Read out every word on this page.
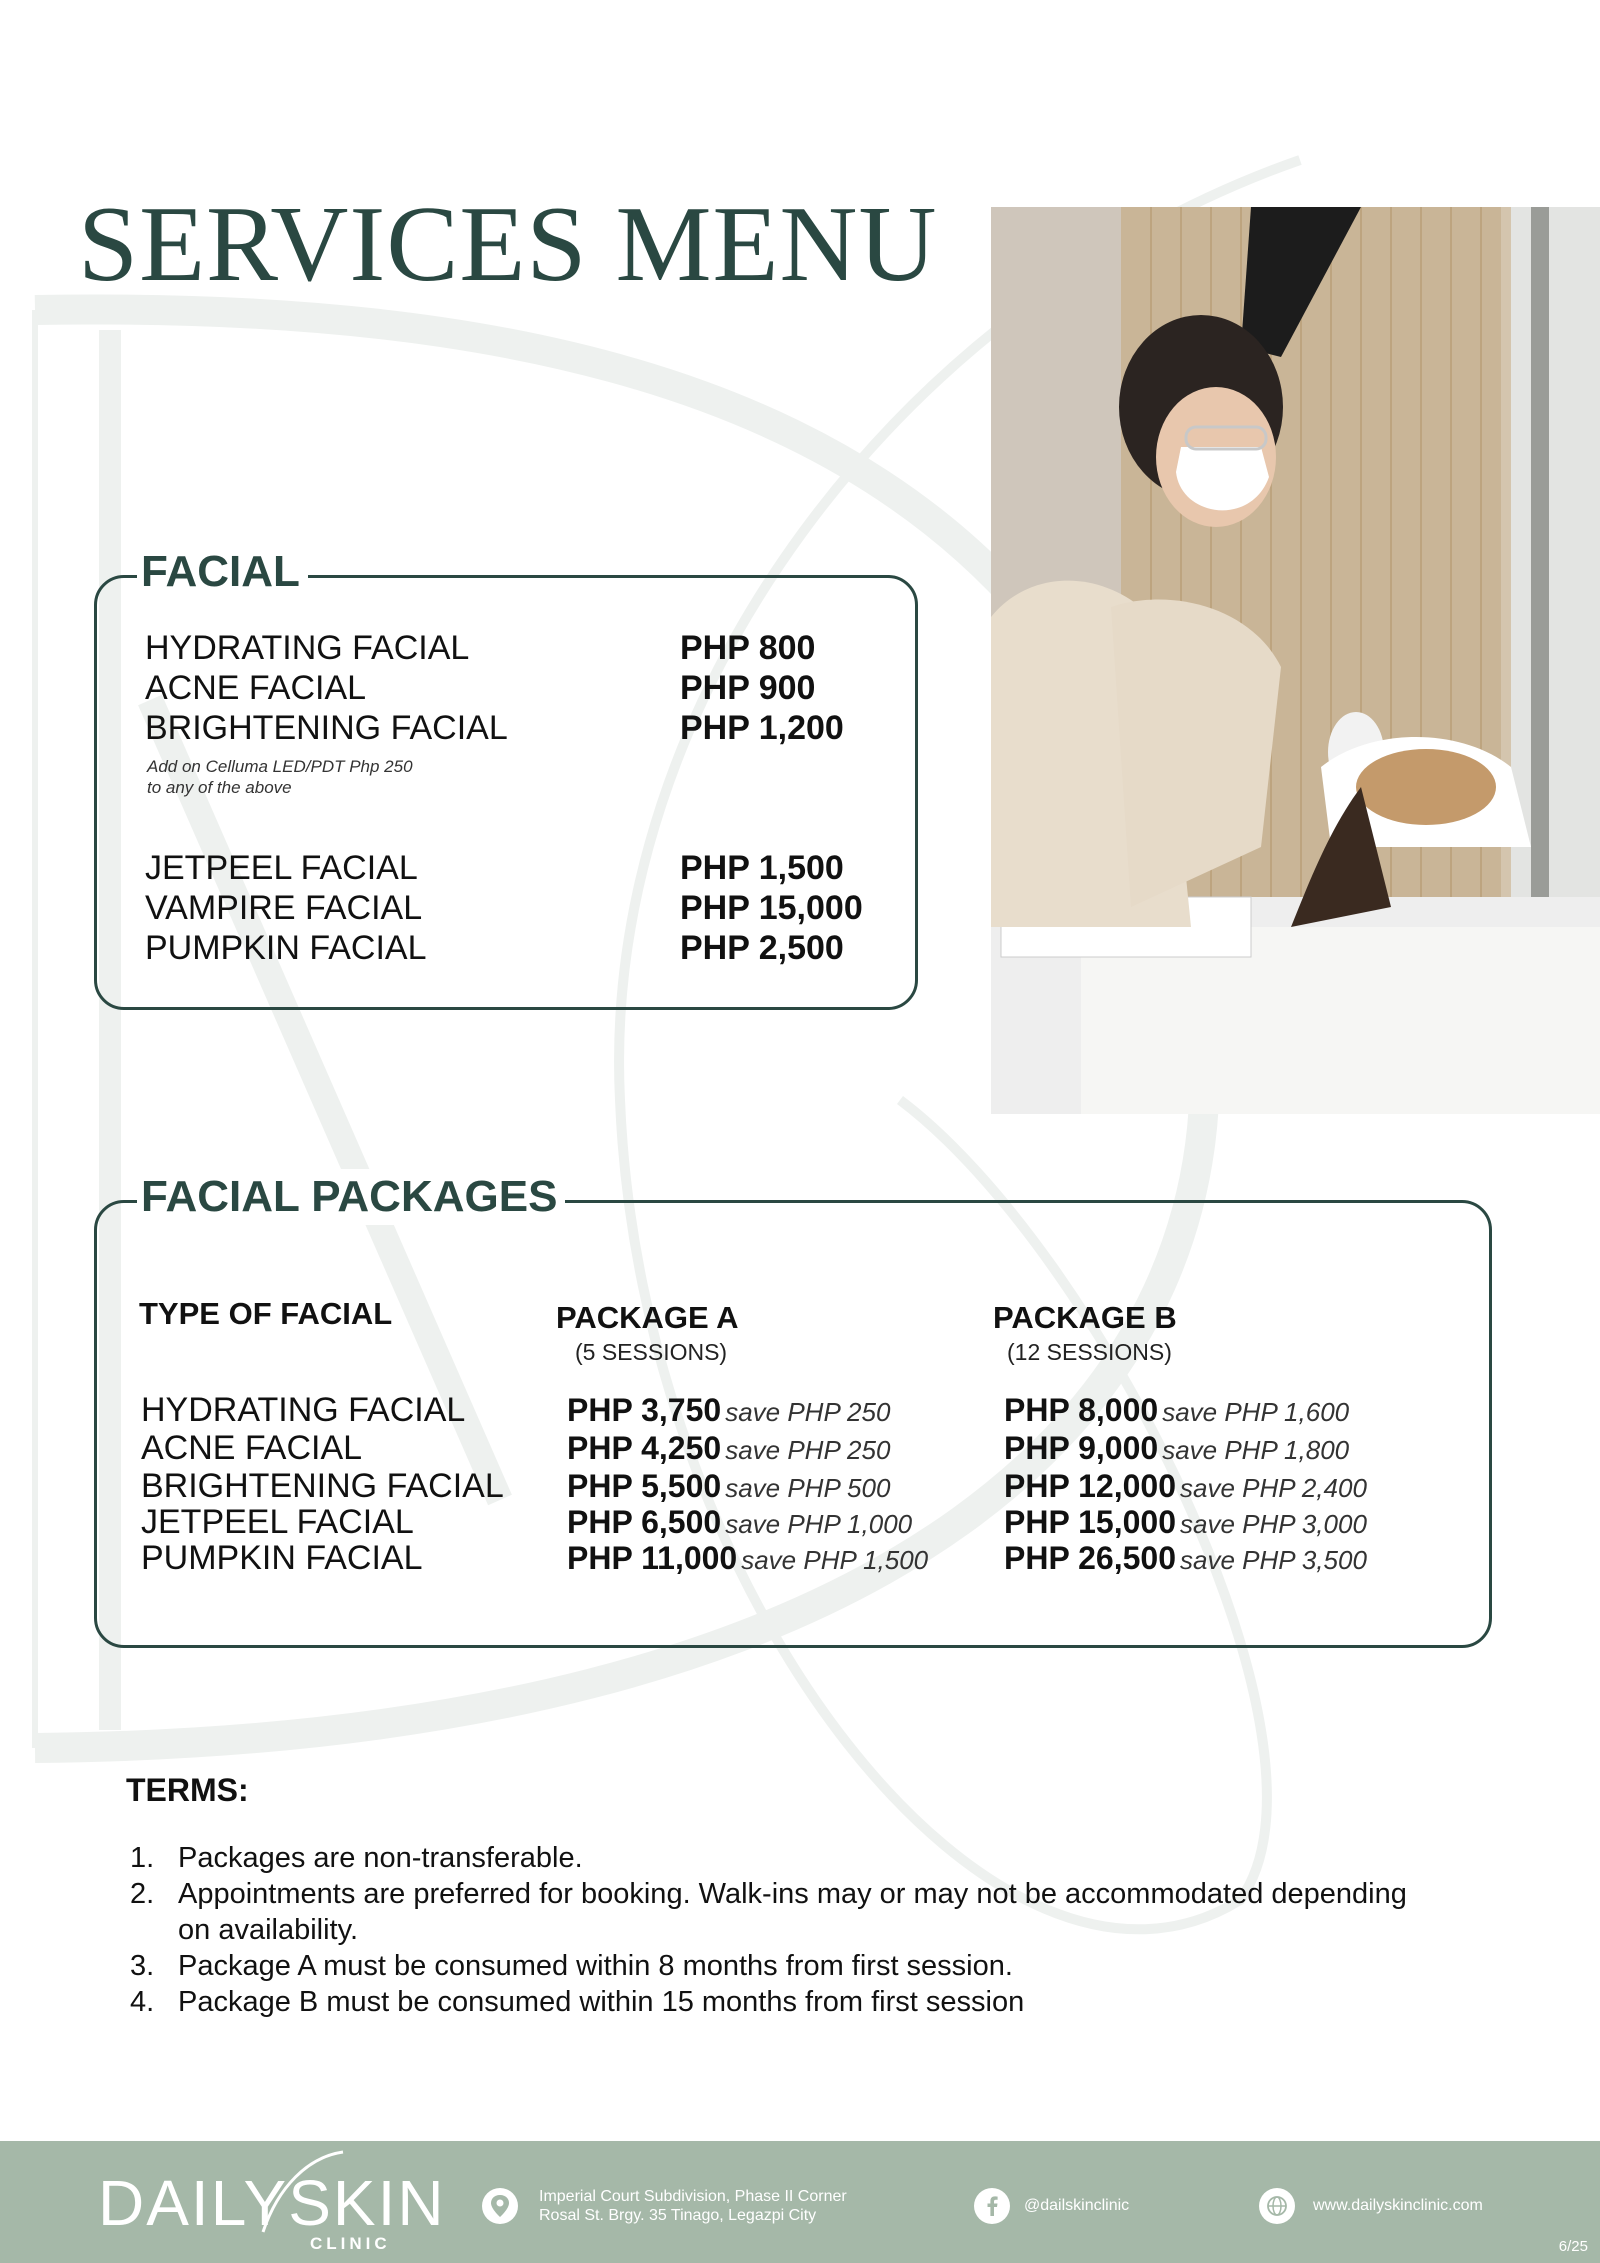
SERVICES MENU
FACIAL
HYDRATING FACIAL	PHP 800
ACNE FACIAL	PHP 900
BRIGHTENING FACIAL	PHP 1,200
Add on Celluma LED/PDT Php 250
to any of the above
JETPEEL FACIAL	PHP 1,500
VAMPIRE FACIAL	PHP 15,000
PUMPKIN FACIAL	PHP 2,500
FACIAL PACKAGES
TYPE OF FACIAL	PACKAGE A
(5 SESSIONS)
PACKAGE B
(12 SESSIONS)
HYDRATING FACIAL	PHP 3,750 save PHP 250	PHP 8,000 save PHP 1,600
ACNE FACIAL	PHP 4,250 save PHP 250	PHP 9,000 save PHP 1,800
BRIGHTENING FACIAL PHP 5,500 save PHP 500	PHP 12,000 save PHP 2,400
JETPEEL FACIAL	PHP 6,500 save PHP 1,000	PHP 15,000 save PHP 3,000
PUMPKIN FACIAL	PHP 11,000 save PHP 1,500 PHP 26,500 save PHP 3,500
TERMS:
1. Packages are non-transferable.
2. Appointments are preferred for booking. Walk-ins may or may not be accommodated depending on availability.
3. Package A must be consumed within 8 months from first session.
4. Package B must be consumed within 15 months from first session
DAILYSKIN
CLINIC
Imperial Court Subdivision, Phase II Corner
Rosal St. Brgy. 35 Tinago, Legazpi City
@dailskinclinic	www.dailyskinclinic.com
6/25
